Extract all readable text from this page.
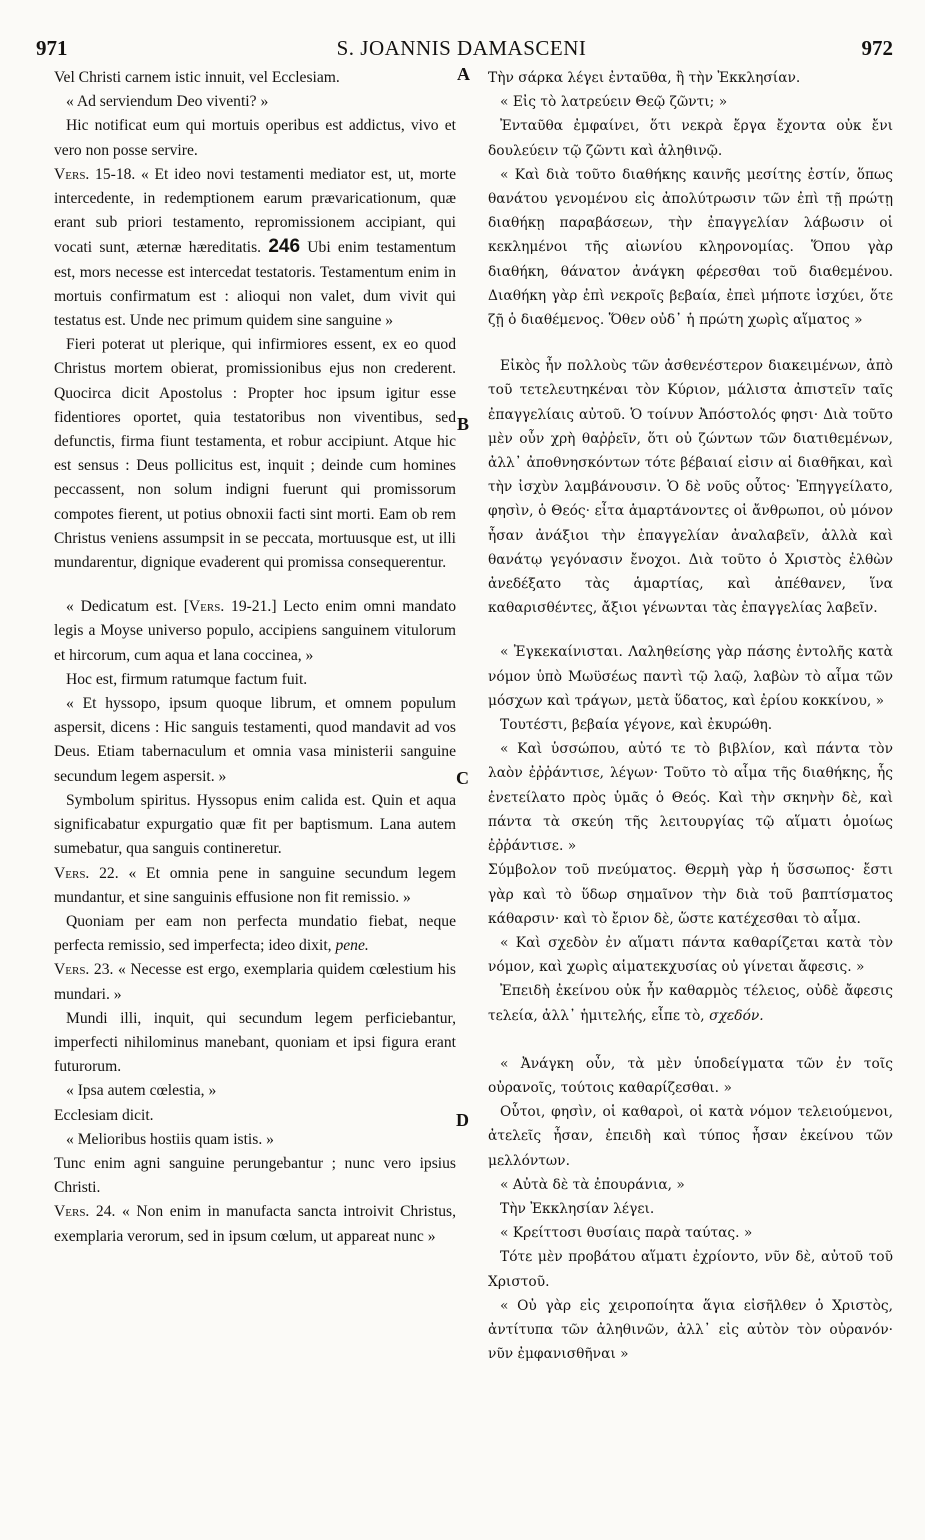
971	S. JOANNIS DAMASCENI	972
A
B
C
D

Vel Christi carnem istic innuit, vel Ecclesiam.

« Ad serviendum Deo viventi? »

Hic notificat eum qui mortuis operibus est addictus, vivo et vero non posse servire.

Vers. 15-18. « Et ideo novi testamenti mediator est, ut, morte intercedente, in redemptionem earum prævaricationum, quæ erant sub priori testamento, repromissionem accipiant, qui vocati sunt, æternæ hæreditatis. 246 Ubi enim testamentum est, mors necesse est intercedat testatoris. Testamentum enim in mortuis confirmatum est : alioqui non valet, dum vivit qui testatus est. Unde nec primum quidem sine sanguine »

Fieri poterat ut plerique, qui infirmiores essent, ex eo quod Christus mortem obierat, promissionibus ejus non crederent. Quocirca dicit Apostolus : Propter hoc ipsum igitur esse fidentiores oportet, quia testatoribus non viventibus, sed defunctis, firma fiunt testamenta, et robur accipiunt. Atque hic est sensus : Deus pollicitus est, inquit ; deinde cum homines peccassent, non solum indigni fuerunt qui promissorum compotes fierent, ut potius obnoxii facti sint morti. Eam ob rem Christus veniens assumpsit in se peccata, mortuusque est, ut illi mundarentur, dignique evaderent qui promissa consequerentur.

« Dedicatum est. [Vers. 19-21.] Lecto enim omni mandato legis a Moyse universo populo, accipiens sanguinem vitulorum et hircorum, cum aqua et lana coccinea, »

Hoc est, firmum ratumque factum fuit.

« Et hyssopo, ipsum quoque librum, et omnem populum aspersit, dicens : Hic sanguis testamenti, quod mandavit ad vos Deus. Etiam tabernaculum et omnia vasa ministerii sanguine secundum legem aspersit. »

Symbolum spiritus. Hyssopus enim calida est. Quin et aqua significabatur expurgatio quæ fit per baptismum. Lana autem sumebatur, qua sanguis contineretur.

Vers. 22. « Et omnia pene in sanguine secundum legem mundantur, et sine sanguinis effusione non fit remissio. »

Quoniam per eam non perfecta mundatio fiebat, neque perfecta remissio, sed imperfecta; ideo dixit, pene.

Vers. 23. « Necesse est ergo, exemplaria quidem cœlestium his mundari. »

Mundi illi, inquit, qui secundum legem perficiebantur, imperfecti nihilominus manebant, quoniam et ipsi figura erant futurorum.

« Ipsa autem cœlestia, »

Ecclesiam dicit.

« Melioribus hostiis quam istis. »

Tunc enim agni sanguine perungebantur ; nunc vero ipsius Christi.

Vers. 24. « Non enim in manufacta sancta introivit Christus, exemplaria verorum, sed in ipsum cœlum, ut appareat nunc »

Τὴν σάρκα λέγει ἐνταῦθα, ἢ τὴν Ἐκκλησίαν.

« Εἰς τὸ λατρεύειν Θεῷ ζῶντι; »

Ἐνταῦθα ἐμφαίνει, ὅτι νεκρὰ ἔργα ἔχοντα οὐκ ἔνι δουλεύειν τῷ ζῶντι καὶ ἀληθινῷ.

« Καὶ διὰ τοῦτο διαθήκης καινῆς μεσίτης ἐστίν, ὅπως θανάτου γενομένου εἰς ἀπολύτρωσιν τῶν ἐπὶ τῇ πρώτῃ διαθήκῃ παραβάσεων, τὴν ἐπαγγελίαν λάβωσιν οἱ κεκλημένοι τῆς αἰωνίου κληρονομίας. Ὅπου γὰρ διαθήκη, θάνατον ἀνάγκη φέρεσθαι τοῦ διαθεμένου. Διαθήκη γὰρ ἐπὶ νεκροῖς βεβαία, ἐπεὶ μήποτε ἰσχύει, ὅτε ζῇ ὁ διαθέμενος. Ὅθεν οὐδ᾽ ἡ πρώτη χωρὶς αἵματος »

Εἰκὸς ἦν πολλοὺς τῶν ἀσθενέστερον διακειμένων, ἀπὸ τοῦ τετελευτηκέναι τὸν Κύριον, μάλιστα ἀπιστεῖν ταῖς ἐπαγγελίαις αὐτοῦ. Ὁ τοίνυν Ἀπόστολός φησι· Διὰ τοῦτο μὲν οὖν χρὴ θαῤῥεῖν, ὅτι οὐ ζώντων τῶν διατιθεμένων, ἀλλ᾽ ἀποθνησκόντων τότε βέβαιαί εἰσιν αἱ διαθῆκαι, καὶ τὴν ἰσχὺν λαμβάνουσιν. Ὁ δὲ νοῦς οὗτος· Ἐπηγγείλατο, φησὶν, ὁ Θεός· εἶτα ἁμαρτάνοντες οἱ ἄνθρωποι, οὐ μόνον ἦσαν ἀνάξιοι τὴν ἐπαγγελίαν ἀναλαβεῖν, ἀλλὰ καὶ θανάτῳ γεγόνασιν ἔνοχοι. Διὰ τοῦτο ὁ Χριστὸς ἐλθὼν ἀνεδέξατο τὰς ἁμαρτίας, καὶ ἀπέθανεν, ἵνα καθαρισθέντες, ἄξιοι γένωνται τὰς ἐπαγγελίας λαβεῖν.

« Ἐγκεκαίνισται. Λαληθείσης γὰρ πάσης ἐντολῆς κατὰ νόμον ὑπὸ Μωϋσέως παντὶ τῷ λαῷ, λαβὼν τὸ αἷμα τῶν μόσχων καὶ τράγων, μετὰ ὕδατος, καὶ ἐρίου κοκκίνου, »

Τουτέστι, βεβαία γέγονε, καὶ ἐκυρώθη.

« Καὶ ὑσσώπου, αὐτό τε τὸ βιβλίον, καὶ πάντα τὸν λαὸν ἐῤῥάντισε, λέγων· Τοῦτο τὸ αἷμα τῆς διαθήκης, ἧς ἐνετείλατο πρὸς ὑμᾶς ὁ Θεός. Καὶ τὴν σκηνὴν δὲ, καὶ πάντα τὰ σκεύη τῆς λειτουργίας τῷ αἵματι ὁμοίως ἐῤῥάντισε. »

Σύμβολον τοῦ πνεύματος. Θερμὴ γὰρ ἡ ὕσσωπος· ἔστι γὰρ καὶ τὸ ὕδωρ σημαῖνον τὴν διὰ τοῦ βαπτίσματος κάθαρσιν· καὶ τὸ ἔριον δὲ, ὥστε κατέχεσθαι τὸ αἷμα.

« Καὶ σχεδὸν ἐν αἵματι πάντα καθαρίζεται κατὰ τὸν νόμον, καὶ χωρὶς αἱματεκχυσίας οὐ γίνεται ἄφεσις. »

Ἐπειδὴ ἐκείνου οὐκ ἦν καθαρμὸς τέλειος, οὐδὲ ἄφεσις τελεία, ἀλλ᾽ ἡμιτελής, εἶπε τὸ, σχεδόν.

« Ἀνάγκη οὖν, τὰ μὲν ὑποδείγματα τῶν ἐν τοῖς οὐρανοῖς, τούτοις καθαρίζεσθαι. »

Οὗτοι, φησὶν, οἱ καθαροὶ, οἱ κατὰ νόμον τελειούμενοι, ἀτελεῖς ἦσαν, ἐπειδὴ καὶ τύπος ἦσαν ἐκείνου τῶν μελλόντων.

« Αὐτὰ δὲ τὰ ἐπουράνια, »

Τὴν Ἐκκλησίαν λέγει.

« Κρείττοσι θυσίαις παρὰ ταύτας. »

Τότε μὲν προβάτου αἵματι ἐχρίοντο, νῦν δὲ, αὐτοῦ τοῦ Χριστοῦ.

« Οὐ γὰρ εἰς χειροποίητα ἅγια εἰσῆλθεν ὁ Χριστὸς, ἀντίτυπα τῶν ἀληθινῶν, ἀλλ᾽ εἰς αὐτὸν τὸν οὐρανόν· νῦν ἐμφανισθῆναι »
